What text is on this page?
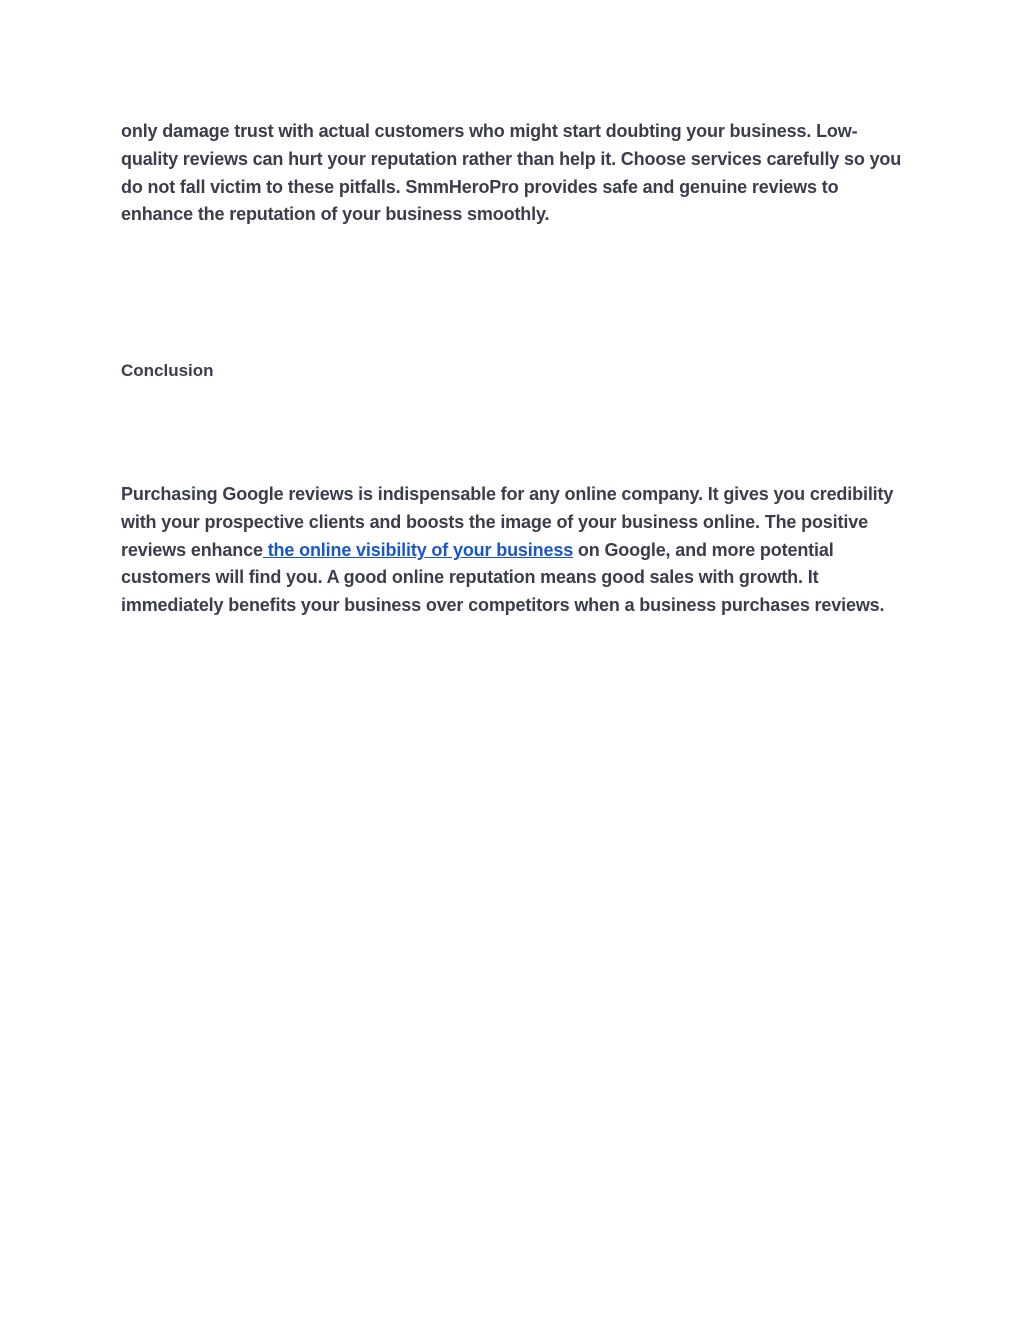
only damage trust with actual customers who might start doubting your business. Low-quality reviews can hurt your reputation rather than help it. Choose services carefully so you do not fall victim to these pitfalls. SmmHeroPro provides safe and genuine reviews to enhance the reputation of your business smoothly.

Conclusion

Purchasing Google reviews is indispensable for any online company. It gives you credibility with your prospective clients and boosts the image of your business online. The positive reviews enhance the online visibility of your business on Google, and more potential customers will find you. A good online reputation means good sales with growth. It immediately benefits your business over competitors when a business purchases reviews.
